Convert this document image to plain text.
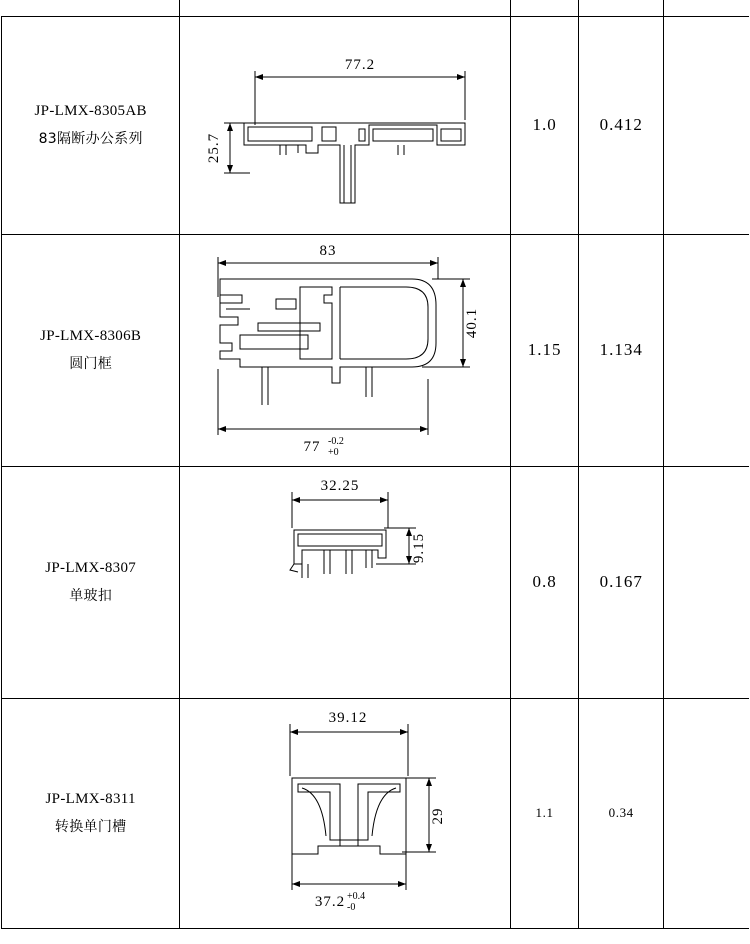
JP-LMX-8305AB
83隔断办公系列

77.2
25.7
	1.0	0.412	

JP-LMX-8306B
圆门框

83
40.1
77 -0.2
+0
	1.15	1.134	

JP-LMX-8307
单玻扣

32.25
9.15
	0.8	0.167	

JP-LMX-8311
转换单门槽

39.12
29
37.2 +0.4
-0
	1.1	0.34	
